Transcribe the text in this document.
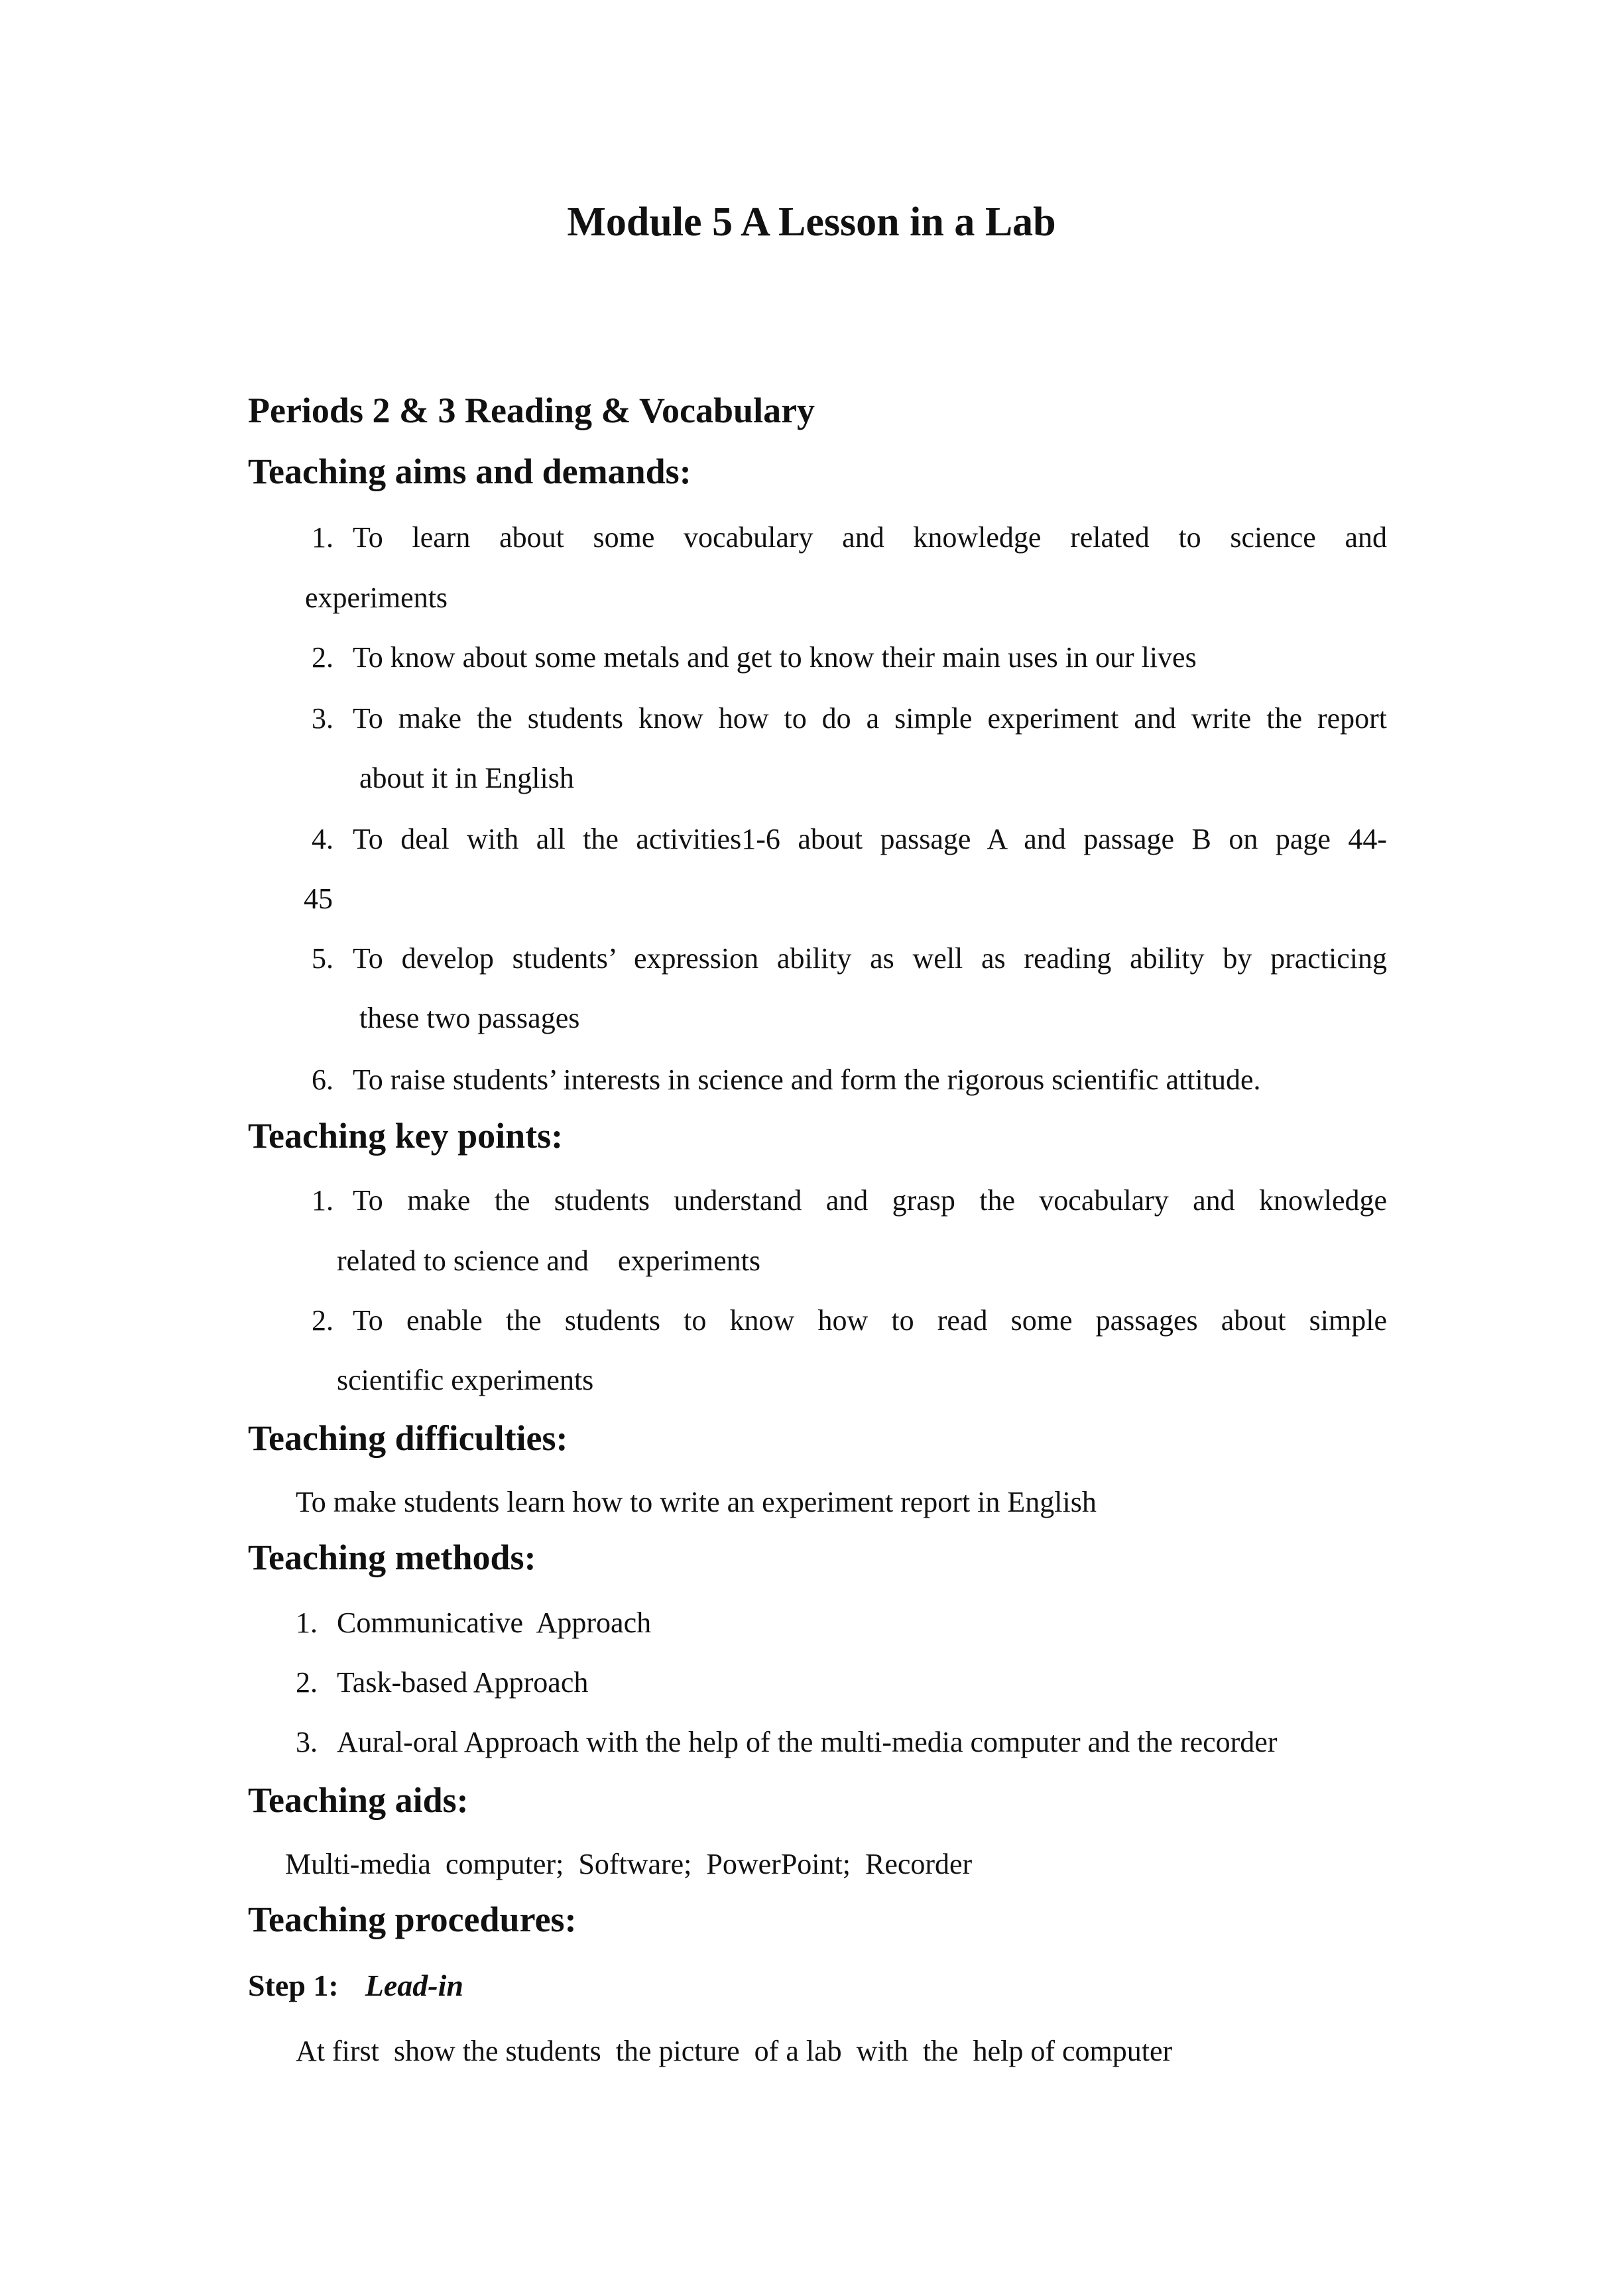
Module 5 A Lesson in a Lab
Periods 2 & 3 Reading & Vocabulary
Teaching aims and demands:
1. To learn about some vocabulary and knowledge related to science and
experiments
2. To know about some metals and get to know their main uses in our lives
3. To make the students know how to do a simple experiment and write the report
about it in English
4. To deal with all the activities1-6 about passage A and passage B on page 44-
45
5. To develop students’ expression ability as well as reading ability by practicing
these two passages
6. To raise students’ interests in science and form the rigorous scientific attitude.
Teaching key points:
1. To make the students understand and grasp the vocabulary and knowledge
related to science and    experiments
2. To enable the students to know how to read some passages about simple
scientific experiments
Teaching difficulties:
To make students learn how to write an experiment report in English
Teaching methods:
1. Communicative  Approach
2. Task-based Approach
3. Aural-oral Approach with the help of the multi-media computer and the recorder
Teaching aids:
Multi-media  computer;  Software;  PowerPoint;  Recorder
Teaching procedures:
Step 1: Lead-in
At first  show the students  the picture  of a lab  with  the  help of computer
